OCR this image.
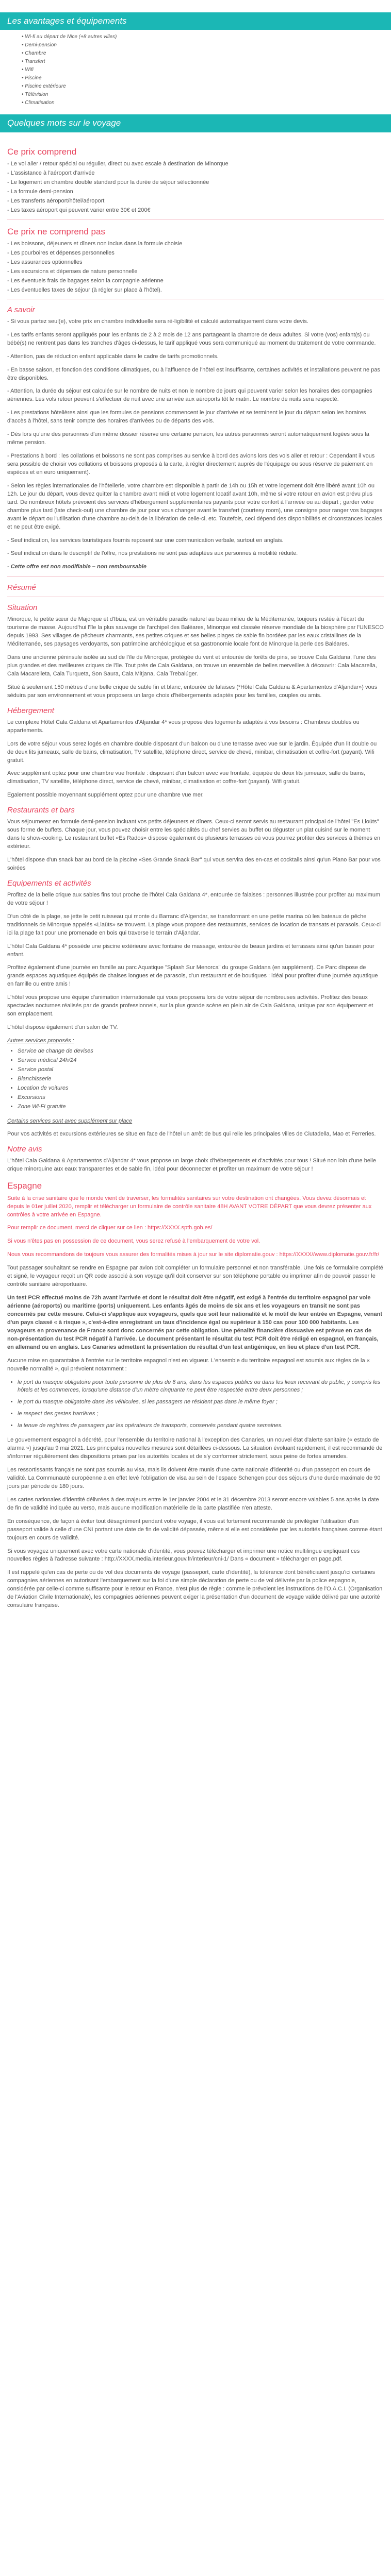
Les avantages et équipements
• Wi-fi au départ de Nice (+8 autres villes)
• Demi-pension
• Chambre
• Transfert
• Wifi
• Piscine
• Piscine extérieure
• Télévision
• Climatisation
Quelques mots sur le voyage
Ce prix comprend

- Le vol aller / retour spécial ou régulier, direct ou avec escale à destination de Minorque

- L'assistance à l'aéroport d'arrivée

- Le logement en chambre double standard pour la durée de séjour sélectionnée

- La formule demi-pension

- Les transferts aéroport/hôtel/aéroport

- Les taxes aéroport qui peuvent varier entre 30€ et 200€

Ce prix ne comprend pas

- Les boissons, déjeuners et dîners non inclus dans la formule choisie

- Les pourboires et dépenses personnelles

- Les assurances optionnelles

- Les excursions et dépenses de nature personnelle

- Les éventuels frais de bagages selon la compagnie aérienne

- Les éventuelles taxes de séjour (à régler sur place à l'hôtel).

A savoir

- Si vous partez seul(e), votre prix en chambre individuelle sera ré-ligibilité et calculé automatiquement dans votre devis.

- Les tarifs enfants seront appliqués pour les enfants de 2 à 2 mois de 12 ans partageant la chambre de deux adultes. Si votre (vos) enfant(s) ou bébé(s) ne rentrent pas dans les tranches d'âges ci-dessus, le tarif appliqué vous sera communiqué au moment du traitement de votre commande.

- Attention, pas de réduction enfant applicable dans le cadre de tarifs promotionnels.

- En basse saison, et fonction des conditions climatiques, ou à l'affluence de l'hôtel est insuffisante, certaines activités et installations peuvent ne pas être disponibles.

- Attention, la durée du séjour est calculée sur le nombre de nuits et non le nombre de jours qui peuvent varier selon les horaires des compagnies aériennes. Les vols retour peuvent s'effectuer de nuit avec une arrivée aux aéroports tôt le matin. Le nombre de nuits sera respecté.

- Les prestations hôtelières ainsi que les formules de pensions commencent le jour d'arrivée et se terminent le jour du départ selon les horaires d'accès à l'hôtel, sans tenir compte des horaires d'arrivées ou de départs des vols.

- Dès lors qu'une des personnes d'un même dossier réserve une certaine pension, les autres personnes seront automatiquement logées sous la même pension.

- Prestations à bord : les collations et boissons ne sont pas comprises au service à bord des avions lors des vols aller et retour : Cependant il vous sera possible de choisir vos collations et boissons proposés à la carte, à régler directement auprès de l'équipage ou sous réserve de paiement en espèces et en euro uniquement).

- Selon les règles internationales de l'hôtellerie, votre chambre est disponible à partir de 14h ou 15h et votre logement doit être libéré avant 10h ou 12h. Le jour du départ, vous devez quitter la chambre avant midi et votre logement locatif avant 10h, même si votre retour en avion est prévu plus tard. De nombreux hôtels prévoient des services d'hébergement supplémentaires payants pour votre confort à l'arrivée ou au départ ; garder votre chambre plus tard (late check-out) une chambre de jour pour vous changer avant le transfert (courtesy room), une consigne pour ranger vos bagages avant le départ ou l'utilisation d'une chambre au-delà de la libération de celle-ci, etc. Toutefois, ceci dépend des disponibilités et circonstances locales et ne peut être exigé.

- Seuf indication, les services touristiques fournis reposent sur une communication verbale, surtout en anglais.

- Seuf indication dans le descriptif de l'offre, nos prestations ne sont pas adaptées aux personnes à mobilité réduite.

- Cette offre est non modifiable – non remboursable

Résumé
Situation

Minorque, le petite sœur de Majorque et d'Ibiza, est un véritable paradis naturel au beau milieu de la Méditerranée, toujours restée à l'écart du tourisme de masse. Aujourd'hui l'île la plus sauvage de l'archipel des Baléares, Minorque est classée réserve mondiale de la biosphère par l'UNESCO depuis 1993. Ses villages de pêcheurs charmants, ses petites criques et ses belles plages de sable fin bordées par les eaux cristallines de la Méditerranée, ses paysages verdoyants, son patrimoine archéologique et sa gastronomie locale font de Minorque la perle des Baléares.

Dans une ancienne péninsule isolée au sud de l'île de Minorque, protégée du vent et entourée de forêts de pins, se trouve Cala Galdana, l'une des plus grandes et des meilleures criques de l'île. Tout près de Cala Galdana, on trouve un ensemble de belles merveilles à découvrir: Cala Macarella, Cala Macarelleta, Cala Turqueta, Son Saura, Cala Mitjana, Cala Trebalúger.

Situé à seulement 150 mètres d'une belle crique de sable fin et blanc, entourée de falaises (*Hôtel Cala Galdana & Apartamentos d'Aljandar») vous séduira par son environnement et vous proposera un large choix d'hébergements adaptés pour les familles, couples ou amis.

Hébergement

Le complexe Hôtel Cala Galdana et Apartamentos d'Aljandar 4* vous propose des logements adaptés à vos besoins : Chambres doubles ou appartements.

Lors de votre séjour vous serez logés en chambre double disposant d'un balcon ou d'une terrasse avec vue sur le jardin. Équipée d'un lit double ou de deux lits jumeaux, salle de bains, climatisation, TV satellite, téléphone direct, service de chevé, minibar, climatisation et coffre-fort (payant). Wifi gratuit.

Avec supplément optez pour une chambre vue frontale : disposant d'un balcon avec vue frontale, équipée de deux lits jumeaux, salle de bains, climatisation, TV satellite, téléphone direct, service de chevé, minibar, climatisation et coffre-fort (payant). Wifi gratuit.

Egalement possible moyennant supplément optez pour une chambre vue mer.

Restaurants et bars

Vous séjournerez en formule demi-pension incluant vos petits déjeuners et dîners. Ceux-ci seront servis au restaurant principal de l'hôtel "Es Lloüts" sous forme de buffets. Chaque jour, vous pouvez choisir entre les spécialités du chef servies au buffet ou déguster un plat cuisiné sur le moment dans le show-cooking. Le restaurant buffet «Es Rados» dispose également de plusieurs terrasses où vous pourrez profiter des services à thèmes en extérieur.

L'hôtel dispose d'un snack bar au bord de la piscine «Ses Grande Snack Bar" qui vous servira des en-cas et cocktails ainsi qu'un Piano Bar pour vos soirées

Equipements et activités

Profitez de la belle crique aux sables fins tout proche de l'hôtel Cala Galdana 4*, entourée de falaises : personnes illustrée pour profiter au maximum de votre séjour !

D'un côté de la plage, se jette le petit ruisseau qui monte du Barranc d'Algendar, se transformant en une petite marina où les bateaux de pêche traditionnels de Minorque appelés «Llaüts» se trouvent. La plage vous propose des restaurants, services de location de transats et parasols. Ceux-ci ici la plage fait pour une promenade en bois qui traverse le terrain d'Aljandar.

L'hôtel Cala Galdana 4* possède une piscine extérieure avec fontaine de massage, entourée de beaux jardins et terrasses ainsi qu'un bassin pour enfant.

Profitez également d'une journée en famille au parc Aquatique "Splash Sur Menorca" du groupe Galdana (en supplément). Ce Parc dispose de grands espaces aquatiques équipés de chaises longues et de parasols, d'un restaurant et de boutiques : idéal pour profiter d'une journée aquatique en famille ou entre amis !

L'hôtel vous propose une équipe d'animation internationale qui vous proposera lors de votre séjour de nombreuses activités. Profitez des beaux spectacles nocturnes réalisés par de grands professionnels, sur la plus grande scène en plein air de Cala Galdana, unique par son équipement et son emplacement.

L'hôtel dispose également d'un salon de TV.

Autres services proposés :

• Service de change de devises
• Service médical 24h/24
• Service postal
• Blanchisserie
• Location de voitures
• Excursions
• Zone Wi-Fi gratuite

Certains services sont avec supplément sur place

Pour vos activités et excursions extérieures se situe en face de l'hôtel un arrêt de bus qui relie les principales villes de Ciutadella, Mao et Ferreries.

Notre avis

L'hôtel Cala Galdana & Apartamentos d'Aljandar 4* vous propose un large choix d'hébergements et d'activités pour tous ! Situé non loin d'une belle crique minorquine aux eaux transparentes et de sable fin, idéal pour déconnecter et profiter un maximum de votre séjour !

Espagne

Suite à la crise sanitaire que le monde vient de traverser, les formalités sanitaires sur votre destination ont changées. Vous devez désormais et depuis le 01er juillet 2020, remplir et télécharger un formulaire de contrôle sanitaire 48H AVANT VOTRE DÉPART que vous devrez présenter aux contrôles à votre arrivée en Espagne.

Pour remplir ce document, merci de cliquer sur ce lien : https://XXXX.spth.gob.es/

Si vous n'êtes pas en possession de ce document, vous serez refusé à l'embarquement de votre vol.

Nous vous recommandons de toujours vous assurer des formalités mises à jour sur le site diplomatie.gouv : https://XXXX//www.diplomatie.gouv.fr/fr/

Tout passager souhaitant se rendre en Espagne par avion doit compléter un formulaire personnel et non transférable. Une fois ce formulaire complété et signé, le voyageur reçoit un QR code associé à son voyage qu'il doit conserver sur son téléphone portable ou imprimer afin de pouvoir passer le contrôle sanitaire aéroportuaire.

Un test PCR effectué moins de 72h avant l'arrivée et dont le résultat doit être négatif, est exigé à l'entrée du territoire espagnol par voie aérienne (aéroports) ou maritime (ports) uniquement. Les enfants âgés de moins de six ans et les voyageurs en transit ne sont pas concernés par cette mesure. Celui-ci s'applique aux voyageurs, quels que soit leur nationalité et le motif de leur entrée en Espagne, venant d'un pays classé « à risque », c'est-à-dire enregistrant un taux d'incidence égal ou supérieur à 150 cas pour 100 000 habitants. Les voyageurs en provenance de France sont donc concernés par cette obligation. Une pénalité financière dissuasive est prévue en cas de non-présentation du test PCR négatif à l'arrivée. Le document présentant le résultat du test PCR doit être rédigé en espagnol, en français, en allemand ou en anglais. Les Canaries admettent la présentation du résultat d'un test antigénique, en lieu et place d'un test PCR.

Aucune mise en quarantaine à l'entrée sur le territoire espagnol n'est en vigueur. L'ensemble du territoire espagnol est soumis aux règles de la « nouvelle normalité », qui prévoient notamment :

• le port du masque obligatoire pour toute personne de plus de 6 ans, dans les espaces publics ou dans les lieux recevant du public, y compris les hôtels et les commerces, lorsqu'une distance d'un mètre cinquante ne peut être respectée entre deux personnes ;
• le port du masque obligatoire dans les véhicules, si les passagers ne résident pas dans le même foyer ;
• le respect des gestes barrières ;
• la tenue de registres de passagers par les opérateurs de transports, conservés pendant quatre semaines.

Le gouvernement espagnol a décrété, pour l'ensemble du territoire national à l'exception des Canaries, un nouvel état d'alerte sanitaire (« estado de alarma ») jusqu'au 9 mai 2021. Les principales nouvelles mesures sont détaillées ci-dessous. La situation évoluant rapidement, il est recommandé de s'informer régulièrement des dispositions prises par les autorités locales et de s'y conformer strictement, sous peine de fortes amendes.

Les ressortissants français ne sont pas soumis au visa, mais ils doivent être munis d'une carte nationale d'identité ou d'un passeport en cours de validité. La Communauté européenne a en effet levé l'obligation de visa au sein de l'espace Schengen pour des séjours d'une durée maximale de 90 jours par période de 180 jours.

Les cartes nationales d'identité délivrées à des majeurs entre le 1er janvier 2004 et le 31 décembre 2013 seront encore valables 5 ans après la date de fin de validité indiquée au verso, mais aucune modification matérielle de la carte plastifiée n'en atteste.

En conséquence, de façon à éviter tout désagrément pendant votre voyage, il vous est fortement recommandé de privilégier l'utilisation d'un passeport valide à celle d'une CNI portant une date de fin de validité dépassée, même si elle est considérée par les autorités françaises comme étant toujours en cours de validité.

Si vous voyagez uniquement avec votre carte nationale d'identité, vous pouvez télécharger et imprimer une notice multilingue expliquant ces nouvelles règles à l'adresse suivante : http://XXXX.media.interieur.gouv.fr/interieur/cni-1/ Dans « document » télécharger en page.pdf.

Il est rappelé qu'en cas de perte ou de vol des documents de voyage (passeport, carte d'identité), la tolérance dont bénéficiaient jusqu'ici certaines compagnies aériennes en autorisant l'embarquement sur la foi d'une simple déclaration de perte ou de vol délivrée par la police espagnole, considérée par celle-ci comme suffisante pour le retour en France, n'est plus de règle : comme le prévoient les instructions de l'O.A.C.I. (Organisation de l'Aviation Civile Internationale), les compagnies aériennes peuvent exiger la présentation d'un document de voyage valide délivré par une autorité consulaire française.
